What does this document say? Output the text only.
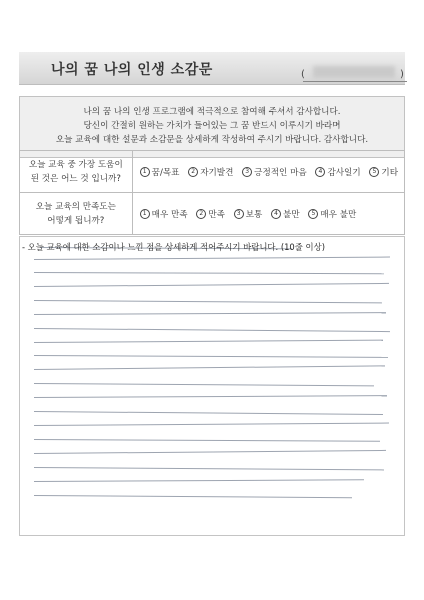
나의 꿈 나의 인생 소감문	(	)
나의 꿈 나의 인생 프로그램에 적극적으로 참여해 주셔서 감사합니다.
당신이 간절히 원하는 가치가 들어있는 그 꿈 반드시 이루시기 바라며
오늘 교육에 대한 설문과 소감문을 상세하게 작성하여 주시기 바랍니다. 감사합니다.
오늘 교육 중 가장 도움이
된 것은 어느 것 입니까?	1 꿈/목표 2 자기발견 3 긍정적인 마음 4 감사일기 5 기타

오늘 교육의 만족도는
어떻게 됩니까?	1 매우 만족 2 만족 3 보통 4 불만 5 매우 불만
- 오늘 교육에 대한 소감이나 느낀 점을 상세하게 적어주시기 바랍니다. (10줄 이상)
